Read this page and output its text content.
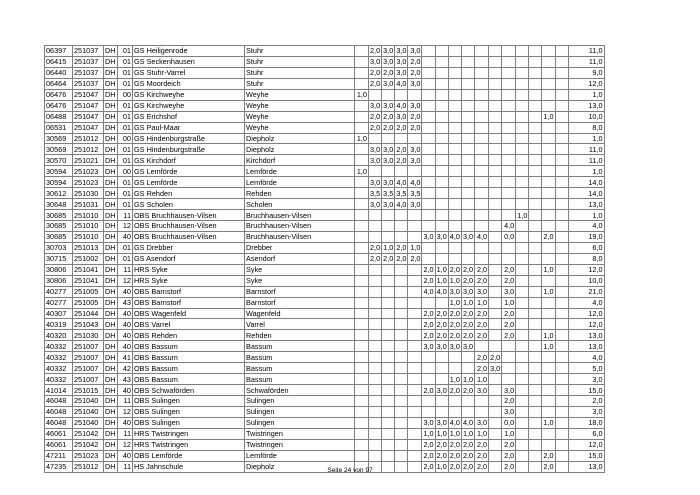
06397	251037	DH	01	GS Heiligenrode	Stuhr		2,0	3,0	3,0	3,0												11,0
06415	251037	DH	01	GS Seckenhausen	Stuhr		3,0	3,0	3,0	2,0												11,0
06440	251037	DH	01	GS Stuhr-Varrel	Stuhr		2,0	2,0	3,0	2,0												9,0
06464	251037	DH	01	GS Moordeich	Stuhr		2,0	3,0	4,0	3,0												12,0
06476	251047	DH	00	GS Kirchweyhe	Weyhe	1,0																1,0
06476	251047	DH	01	GS Kirchweyhe	Weyhe		3,0	3,0	4,0	3,0												13,0
06488	251047	DH	01	GS Erichshof	Weyhe		2,0	2,0	3,0	2,0										1,0		10,0
06531	251047	DH	01	GS Paul-Maar	Weyhe		2,0	2,0	2,0	2,0												8,0
30569	251012	DH	00	GS Hindenburgstraße	Diepholz	1,0																1,0
30569	251012	DH	01	GS Hindenburgstraße	Diepholz		3,0	3,0	2,0	3,0												11,0
30570	251021	DH	01	GS Kirchdorf	Kirchdorf		3,0	3,0	2,0	3,0												11,0
30594	251023	DH	00	GS Lemförde	Lemförde	1,0																1,0
30594	251023	DH	01	GS Lemförde	Lemförde		3,0	3,0	4,0	4,0												14,0
30612	251030	DH	01	GS Rehden	Rehden		3,5	3,5	3,5	3,5												14,0
30648	251031	DH	01	GS Scholen	Scholen		3,0	3,0	4,0	3,0												13,0
30685	251010	DH	11	OBS Bruchhausen-Vilsen	Bruchhausen-Vilsen													1,0				1,0
30685	251010	DH	12	OBS Bruchhausen-Vilsen	Bruchhausen-Vilsen												4,0					4,0
30685	251010	DH	40	OBS Bruchhausen-Vilsen	Bruchhausen-Vilsen						3,0	3,0	4,0	3,0	4,0		0,0			2,0		19,0
30703	251013	DH	01	GS Drebber	Drebber		2,0	1,0	2,0	1,0												6,0
30715	251002	DH	01	GS Asendorf	Asendorf		2,0	2,0	2,0	2,0												8,0
30806	251041	DH	11	HRS Syke	Syke						2,0	1,0	2,0	2,0	2,0		2,0			1,0		12,0
30806	251041	DH	12	HRS Syke	Syke						2,0	1,0	1,0	2,0	2,0		2,0					10,0
40277	251005	DH	40	OBS Barnstorf	Barnstorf						4,0	4,0	3,0	3,0	3,0		3,0			1,0		21,0
40277	251005	DH	43	OBS Barnstorf	Barnstorf								1,0	1,0	1,0		1,0					4,0
40307	251044	DH	40	OBS Wagenfeld	Wagenfeld						2,0	2,0	2,0	2,0	2,0		2,0					12,0
40319	251043	DH	40	OBS Varrel	Varrel						2,0	2,0	2,0	2,0	2,0		2,0					12,0
40320	251030	DH	40	OBS Rehden	Rehden						2,0	2,0	2,0	2,0	2,0		2,0			1,0		13,0
40332	251007	DH	40	OBS Bassum	Bassum						3,0	3,0	3,0	3,0						1,0		13,0
40332	251007	DH	41	OBS Bassum	Bassum										2,0	2,0						4,0
40332	251007	DH	42	OBS Bassum	Bassum										2,0	3,0						5,0
40332	251007	DH	43	OBS Bassum	Bassum								1,0	1,0	1,0							3,0
41014	251015	DH	40	OBS Schwaförden	Schwaförden						2,0	3,0	2,0	2,0	3,0		3,0					15,0
46048	251040	DH	11	OBS Sulingen	Sulingen												2,0					2,0
46048	251040	DH	12	OBS Sulingen	Sulingen												3,0					3,0
46048	251040	DH	40	OBS Sulingen	Sulingen						3,0	3,0	4,0	4,0	3,0		0,0			1,0		18,0
46061	251042	DH	11	HRS Twistringen	Twistringen						1,0	1,0	1,0	1,0	1,0		1,0					6,0
46061	251042	DH	12	HRS Twistringen	Twistringen						2,0	2,0	2,0	2,0	2,0		2,0					12,0
47211	251023	DH	40	OBS Lemförde	Lemförde						2,0	2,0	2,0	2,0	2,0		2,0			2,0		15,0
47235	251012	DH	11	HS Jahnschule	Diepholz						2,0	1,0	2,0	2,0	2,0		2,0			2,0		13,0
Seite 24 von 97
